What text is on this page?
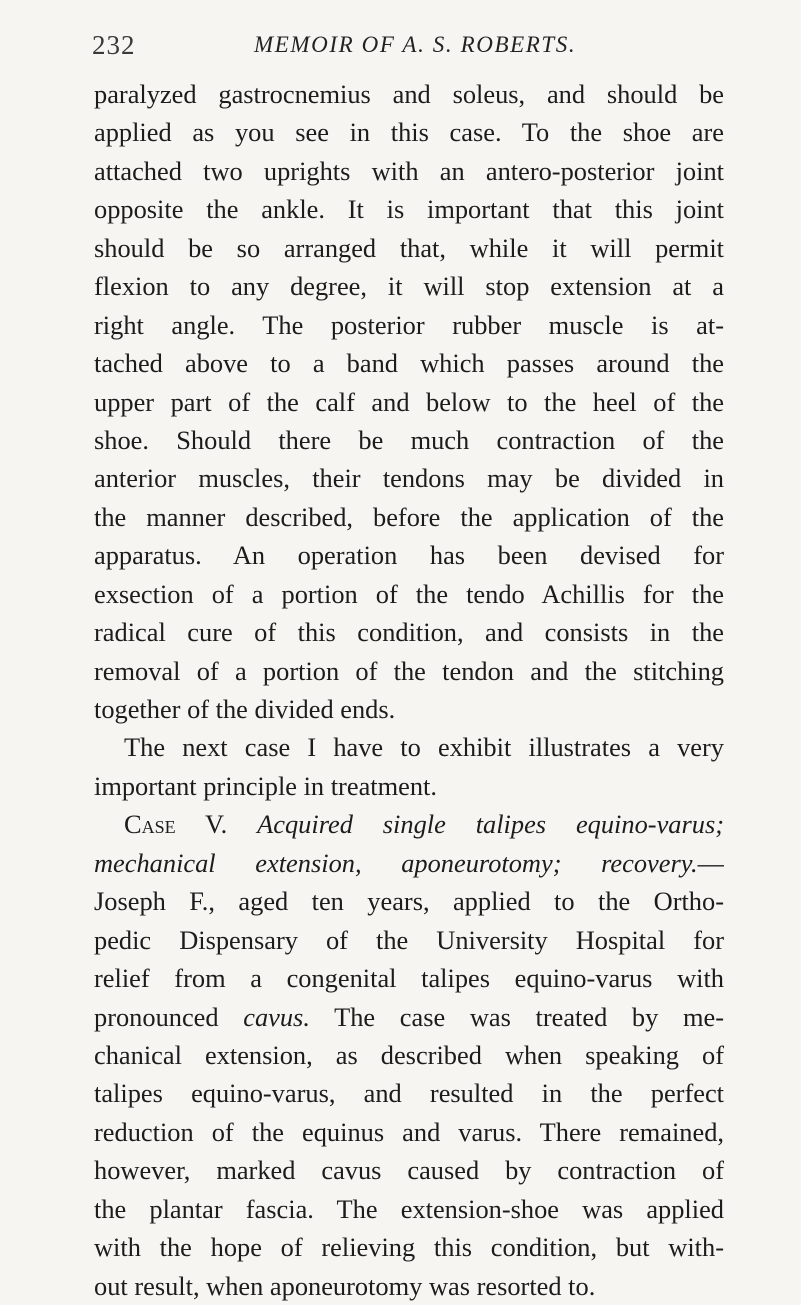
232	MEMOIR OF A. S. ROBERTS.
paralyzed gastrocnemius and soleus, and should be
applied as you see in this case. To the shoe are
attached two uprights with an antero-posterior joint
opposite the ankle. It is important that this joint
should be so arranged that, while it will permit
flexion to any degree, it will stop extension at a
right angle. The posterior rubber muscle is at-
tached above to a band which passes around the
upper part of the calf and below to the heel of the
shoe. Should there be much contraction of the
anterior muscles, their tendons may be divided in
the manner described, before the application of the
apparatus. An operation has been devised for
exsection of a portion of the tendo Achillis for the
radical cure of this condition, and consists in the
removal of a portion of the tendon and the stitching
together of the divided ends.
The next case I have to exhibit illustrates a very
important principle in treatment.
Case V. Acquired single talipes equino-varus;
mechanical extension, aponeurotomy; recovery.—
Joseph F., aged ten years, applied to the Ortho-
pedic Dispensary of the University Hospital for
relief from a congenital talipes equino-varus with
pronounced cavus. The case was treated by me-
chanical extension, as described when speaking of
talipes equino-varus, and resulted in the perfect
reduction of the equinus and varus. There remained,
however, marked cavus caused by contraction of
the plantar fascia. The extension-shoe was applied
with the hope of relieving this condition, but with-
out result, when aponeurotomy was resorted to.
